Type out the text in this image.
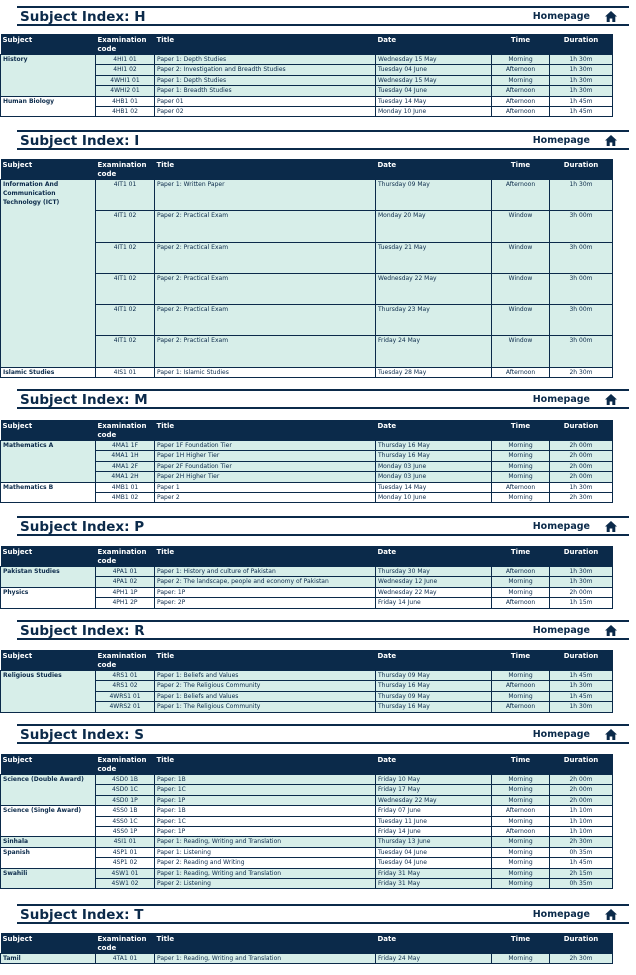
Subject Index: H	Homepage
Subject	Examination code	Title	Date	Time	Duration
History	4HI1 01	Paper 1: Depth Studies	Wednesday 15 May	Morning	1h 30m
	4HI1 02	Paper 2: Investigation and Breadth Studies	Tuesday 04 June	Afternoon	1h 30m
	4WHI1 01	Paper 1: Depth Studies	Wednesday 15 May	Morning	1h 30m
	4WHI2 01	Paper 1: Breadth Studies	Tuesday 04 June	Afternoon	1h 30m
Human Biology	4HB1 01	Paper 01	Tuesday 14 May	Afternoon	1h 45m
	4HB1 02	Paper 02	Monday 10 June	Afternoon	1h 45m
Subject Index: I	Homepage
Subject	Examination code	Title	Date	Time	Duration
Information And Communication Technology (ICT)	4IT1 01	Paper 1: Written Paper	Thursday 09 May	Afternoon	1h 30m
	4IT1 02	Paper 2: Practical Exam	Monday 20 May	Window	3h 00m
	4IT1 02	Paper 2: Practical Exam	Tuesday 21 May	Window	3h 00m
	4IT1 02	Paper 2: Practical Exam	Wednesday 22 May	Window	3h 00m
	4IT1 02	Paper 2: Practical Exam	Thursday 23 May	Window	3h 00m
	4IT1 02	Paper 2: Practical Exam	Friday 24 May	Window	3h 00m
Islamic Studies	4IS1 01	Paper 1: Islamic Studies	Tuesday 28 May	Afternoon	2h 30m
Subject Index: M	Homepage
Subject	Examination code	Title	Date	Time	Duration
Mathematics A	4MA1 1F	Paper 1F Foundation Tier	Thursday 16 May	Morning	2h 00m
	4MA1 1H	Paper 1H Higher Tier	Thursday 16 May	Morning	2h 00m
	4MA1 2F	Paper 2F Foundation Tier	Monday 03 June	Morning	2h 00m
	4MA1 2H	Paper 2H Higher Tier	Monday 03 June	Morning	2h 00m
Mathematics B	4MB1 01	Paper 1	Tuesday 14 May	Afternoon	1h 30m
	4MB1 02	Paper 2	Monday 10 June	Morning	2h 30m
Subject Index: P	Homepage
Subject	Examination code	Title	Date	Time	Duration
Pakistan Studies	4PA1 01	Paper 1: History and culture of Pakistan	Thursday 30 May	Afternoon	1h 30m
	4PA1 02	Paper 2: The landscape, people and economy of Pakistan	Wednesday 12 June	Morning	1h 30m
Physics	4PH1 1P	Paper: 1P	Wednesday 22 May	Morning	2h 00m
	4PH1 2P	Paper: 2P	Friday 14 June	Afternoon	1h 15m
Subject Index: R	Homepage
Subject	Examination code	Title	Date	Time	Duration
Religious Studies	4RS1 01	Paper 1: Beliefs and Values	Thursday 09 May	Morning	1h 45m
	4RS1 02	Paper 2: The Religious Community	Thursday 16 May	Afternoon	1h 30m
	4WRS1 01	Paper 1: Beliefs and Values	Thursday 09 May	Morning	1h 45m
	4WRS2 01	Paper 1: The Religious Community	Thursday 16 May	Afternoon	1h 30m
Subject Index: S	Homepage
Subject	Examination code	Title	Date	Time	Duration
Science (Double Award)	4SD0 1B	Paper: 1B	Friday 10 May	Morning	2h 00m
	4SD0 1C	Paper: 1C	Friday 17 May	Morning	2h 00m
	4SD0 1P	Paper: 1P	Wednesday 22 May	Morning	2h 00m
Science (Single Award)	4SS0 1B	Paper: 1B	Friday 07 June	Afternoon	1h 10m
	4SS0 1C	Paper: 1C	Tuesday 11 June	Morning	1h 10m
	4SS0 1P	Paper: 1P	Friday 14 June	Afternoon	1h 10m
Sinhala	4SI1 01	Paper 1: Reading, Writing and Translation	Thursday 13 June	Morning	2h 30m
Spanish	4SP1 01	Paper 1: Listening	Tuesday 04 June	Morning	0h 35m
	4SP1 02	Paper 2: Reading and Writing	Tuesday 04 June	Morning	1h 45m
Swahili	4SW1 01	Paper 1: Reading, Writing and Translation	Friday 31 May	Morning	2h 15m
	4SW1 02	Paper 2: Listening	Friday 31 May	Morning	0h 35m
Subject Index: T	Homepage
Subject	Examination code	Title	Date	Time	Duration
Tamil	4TA1 01	Paper 1: Reading, Writing and Translation	Friday 24 May	Morning	2h 30m
